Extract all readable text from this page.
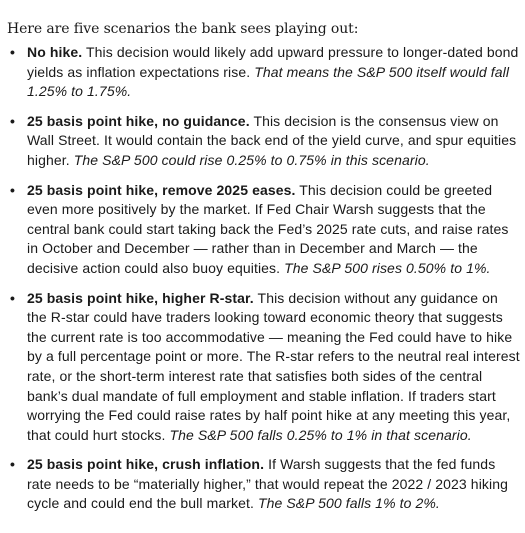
Here are five scenarios the bank sees playing out:

• No hike. This decision would likely add upward pressure to longer-dated bond yields as inflation expectations rise. That means the S&P 500 itself would fall 1.25% to 1.75%.
• 25 basis point hike, no guidance. This decision is the consensus view on Wall Street. It would contain the back end of the yield curve, and spur equities higher. The S&P 500 could rise 0.25% to 0.75% in this scenario.
• 25 basis point hike, remove 2025 eases. This decision could be greeted even more positively by the market. If Fed Chair Warsh suggests that the central bank could start taking back the Fed’s 2025 rate cuts, and raise rates in October and December — rather than in December and March — the decisive action could also buoy equities. The S&P 500 rises 0.50% to 1%.
• 25 basis point hike, higher R-star. This decision without any guidance on the R-star could have traders looking toward economic theory that suggests the current rate is too accommodative — meaning the Fed could have to hike by a full percentage point or more. The R-star refers to the neutral real interest rate, or the short-term interest rate that satisfies both sides of the central bank’s dual mandate of full employment and stable inflation. If traders start worrying the Fed could raise rates by half point hike at any meeting this year, that could hurt stocks. The S&P 500 falls 0.25% to 1% in that scenario.
• 25 basis point hike, crush inflation. If Warsh suggests that the fed funds rate needs to be “materially higher,” that would repeat the 2022 / 2023 hiking cycle and could end the bull market. The S&P 500 falls 1% to 2%.
